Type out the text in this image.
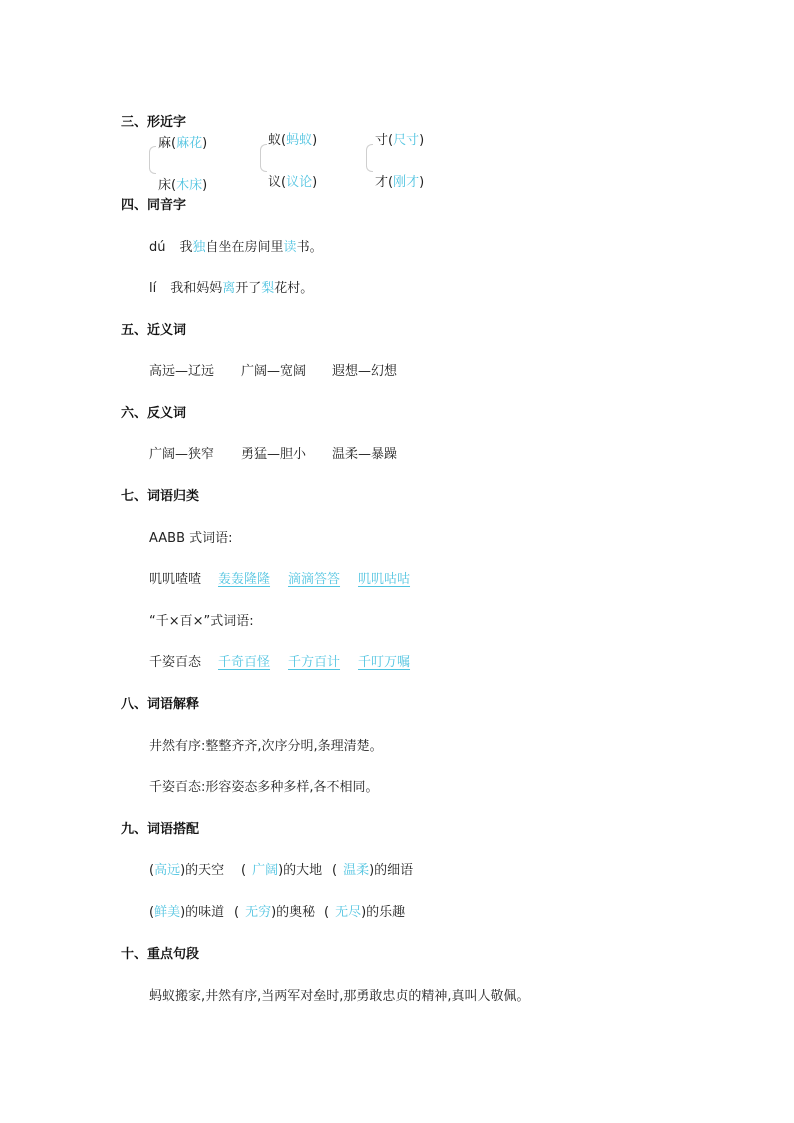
三、形近字
麻(麻花)
床(木床)
蚁(蚂蚁)
议(议论)
寸(尺寸)
才(刚才)
四、同音字
dú 我独自坐在房间里读书。
lí 我和妈妈离开了梨花村。
五、近义词
高远—辽远 广阔—宽阔 遐想—幻想
六、反义词
广阔—狭窄 勇猛—胆小 温柔—暴躁
七、词语归类
AABB 式词语:
叽叽喳喳 轰轰隆隆 滴滴答答 叽叽咕咕
“千×百×”式词语:
千姿百态 千奇百怪 千方百计 千叮万嘱
八、词语解释
井然有序:整整齐齐,次序分明,条理清楚。
千姿百态:形容姿态多种多样,各不相同。
九、词语搭配
(高远)的天空 ( 广阔)的大地 ( 温柔)的细语
(鲜美)的味道 ( 无穷)的奥秘 ( 无尽)的乐趣
十、重点句段
蚂蚁搬家,井然有序,当两军对垒时,那勇敢忠贞的精神,真叫人敬佩。
